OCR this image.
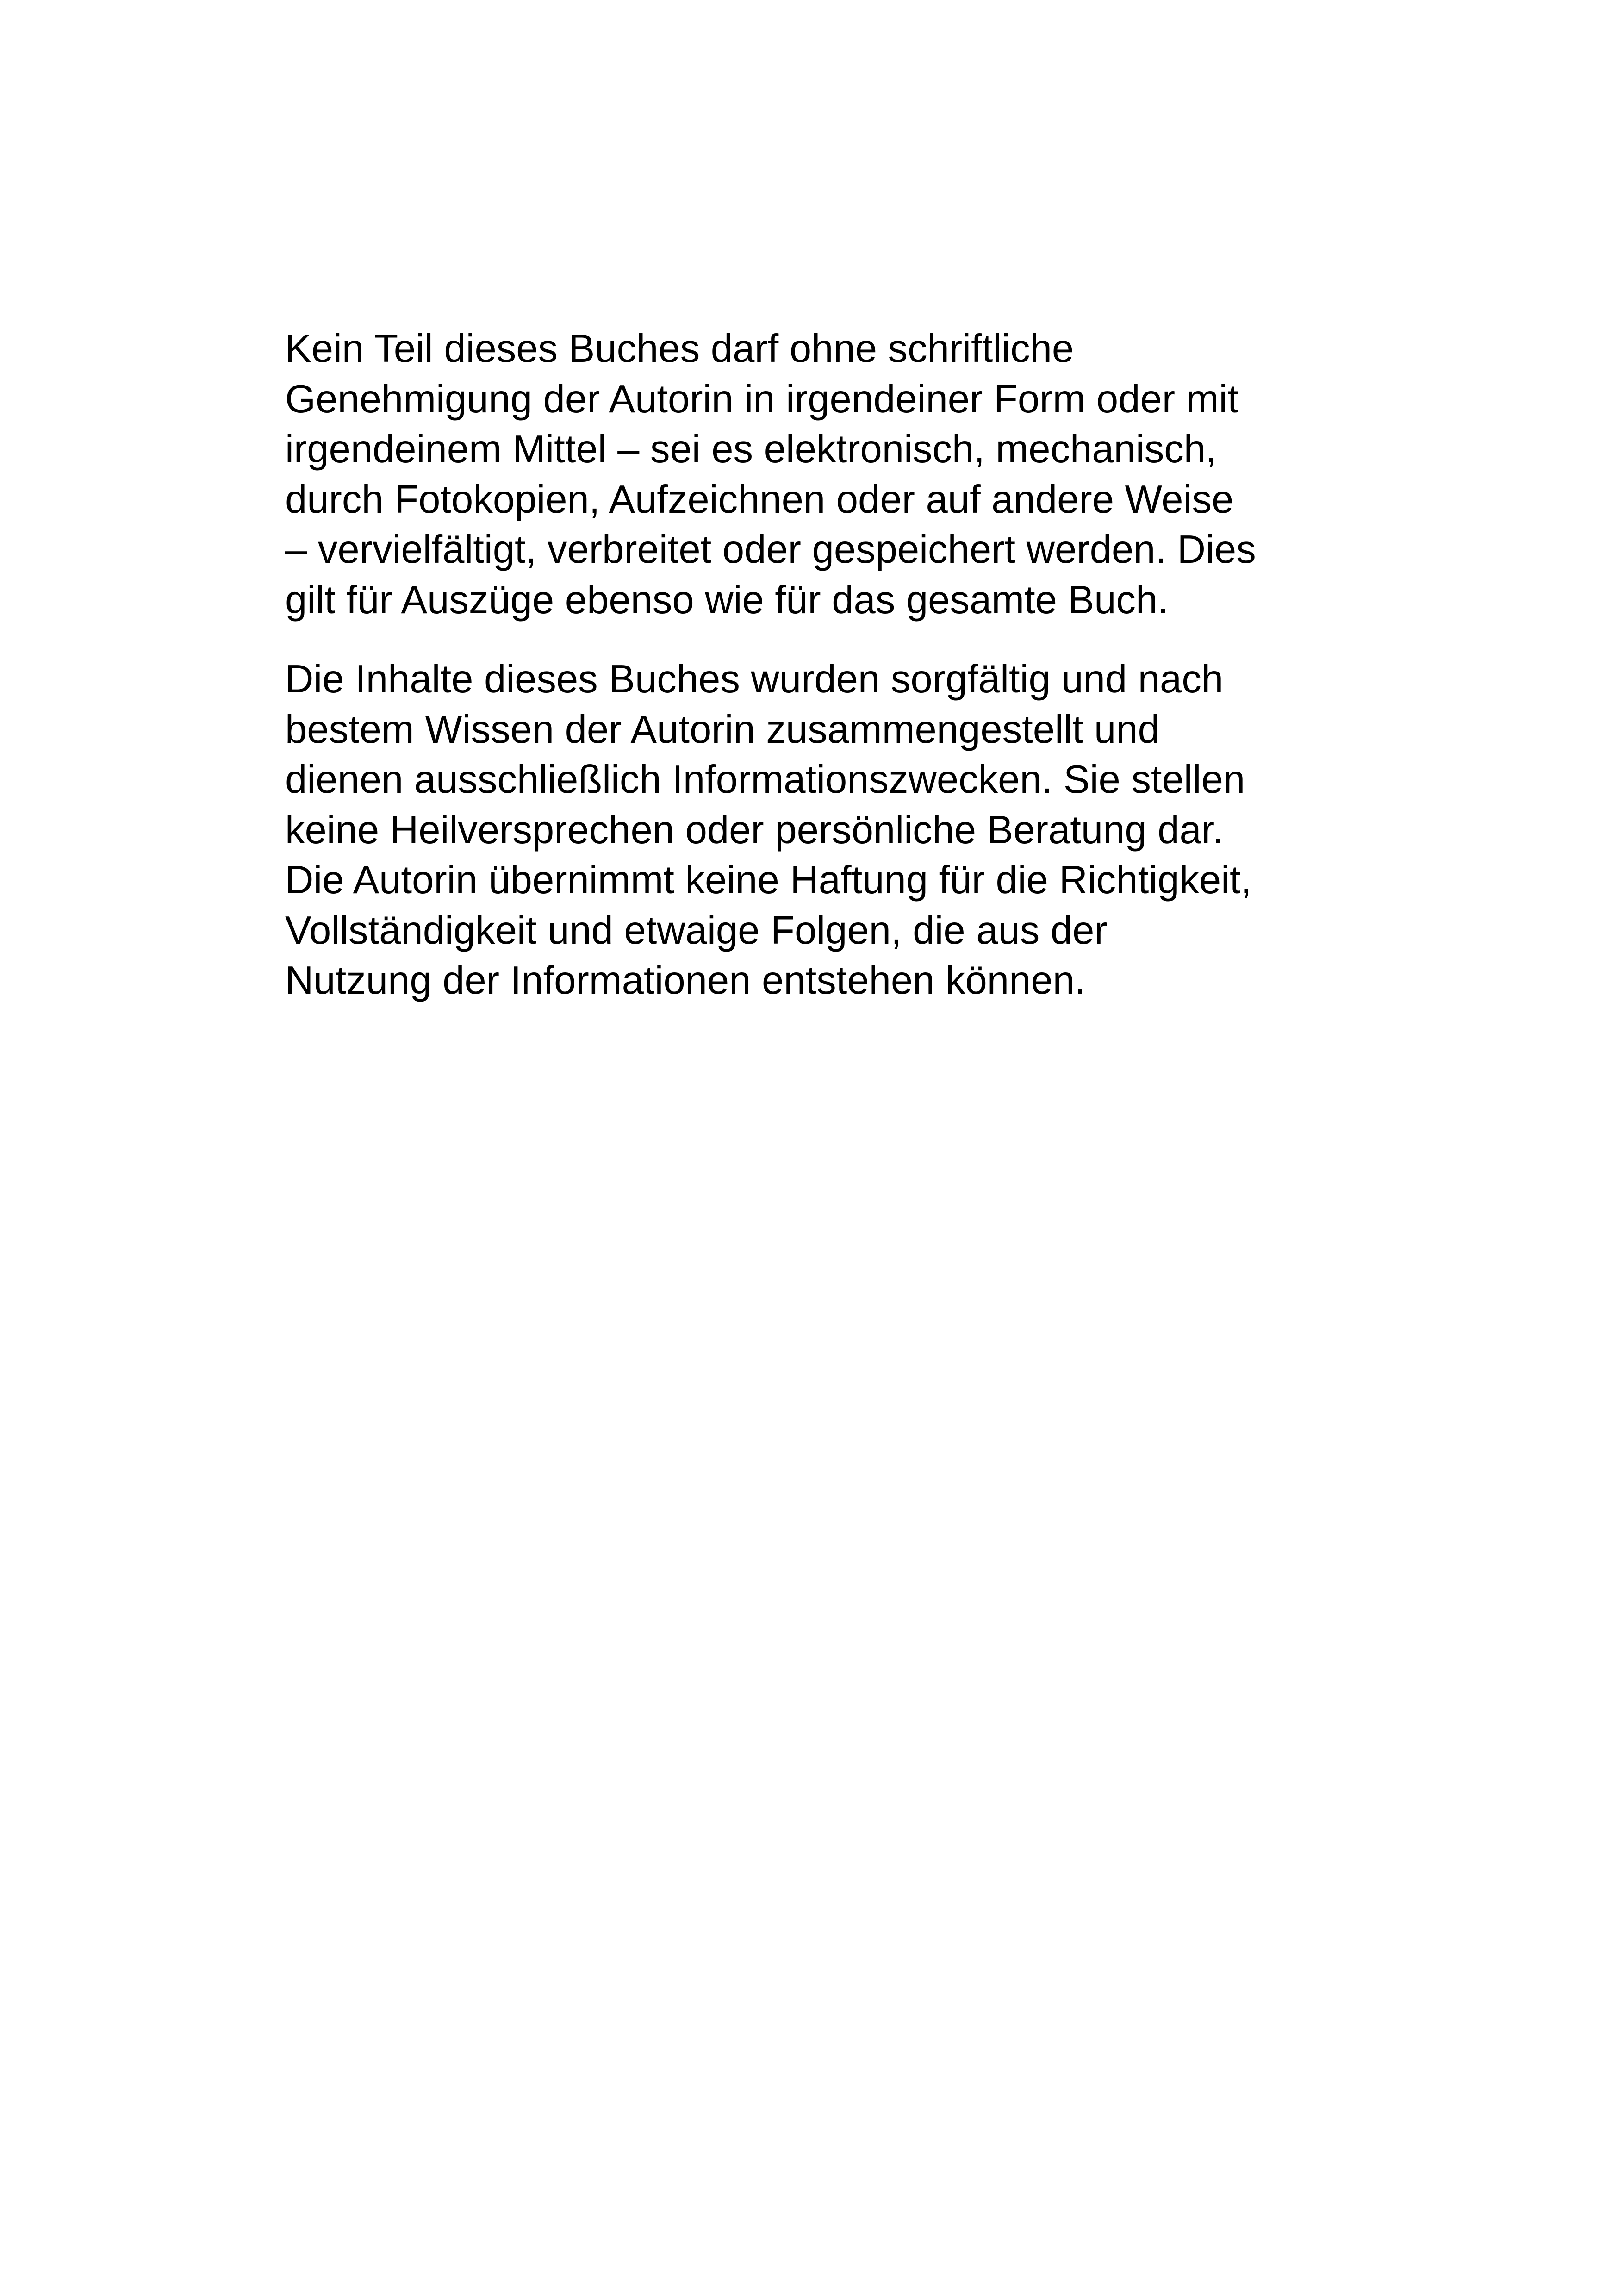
Kein Teil dieses Buches darf ohne schriftliche
Genehmigung der Autorin in irgendeiner Form oder mit
irgendeinem Mittel – sei es elektronisch, mechanisch,
durch Fotokopien, Aufzeichnen oder auf andere Weise
– vervielfältigt, verbreitet oder gespeichert werden. Dies
gilt für Auszüge ebenso wie für das gesamte Buch.

Die Inhalte dieses Buches wurden sorgfältig und nach
bestem Wissen der Autorin zusammengestellt und
dienen ausschließlich Informationszwecken. Sie stellen
keine Heilversprechen oder persönliche Beratung dar.
Die Autorin übernimmt keine Haftung für die Richtigkeit,
Vollständigkeit und etwaige Folgen, die aus der
Nutzung der Informationen entstehen können.
